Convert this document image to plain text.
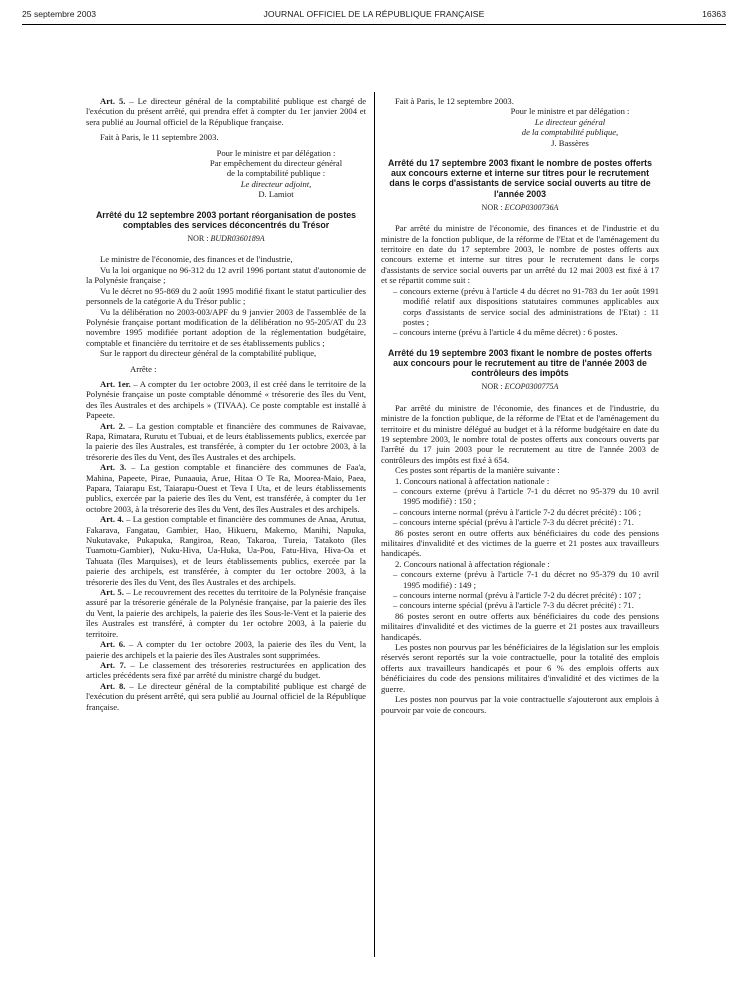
25 septembre 2003	JOURNAL OFFICIEL DE LA RÉPUBLIQUE FRANÇAISE	16363

Art. 5. – Le directeur général de la comptabilité publique est chargé de l'exécution du présent arrêté, qui prendra effet à compter du 1er janvier 2004 et sera publié au Journal officiel de la République française.

Fait à Paris, le 11 septembre 2003.

Pour le ministre et par délégation :
Par empêchement du directeur général
de la comptabilité publique :
Le directeur adjoint,
D. Lamiot
Arrêté du 12 septembre 2003 portant réorganisation de postes comptables des services déconcentrés du Trésor
NOR : BUDR0360189A

Le ministre de l'économie, des finances et de l'industrie,

Vu la loi organique no 96-312 du 12 avril 1996 portant statut d'autonomie de la Polynésie française ;

Vu le décret no 95-869 du 2 août 1995 modifié fixant le statut particulier des personnels de la catégorie A du Trésor public ;

Vu la délibération no 2003-003/APF du 9 janvier 2003 de l'assemblée de la Polynésie française portant modification de la délibération no 95-205/AT du 23 novembre 1995 modifiée portant adoption de la réglementation budgétaire, comptable et financière du territoire et de ses établissements publics ;

Sur le rapport du directeur général de la comptabilité publique,

Arrête :

Art. 1er. – A compter du 1er octobre 2003, il est créé dans le territoire de la Polynésie française un poste comptable dénommé « trésorerie des îles du Vent, des îles Australes et des archipels » (TIVAA). Ce poste comptable est installé à Papeete.

Art. 2. – La gestion comptable et financière des communes de Raivavae, Rapa, Rimatara, Rurutu et Tubuai, et de leurs établissements publics, exercée par la paierie des îles Australes, est transférée, à compter du 1er octobre 2003, à la trésorerie des îles du Vent, des îles Australes et des archipels.

Art. 3. – La gestion comptable et financière des communes de Faa'a, Mahina, Papeete, Pirae, Punaauia, Arue, Hitaa O Te Ra, Moorea-Maio, Paea, Papara, Taiarapu Est, Taiarapu-Ouest et Teva I Uta, et de leurs établissements publics, exercée par la paierie des îles du Vent, est transférée, à compter du 1er octobre 2003, à la trésorerie des îles du Vent, des îles Australes et des archipels.

Art. 4. – La gestion comptable et financière des communes de Anaa, Arutua, Fakarava, Fangatau, Gambier, Hao, Hikueru, Makemo, Manihi, Napuka, Nukutavake, Pukapuka, Rangiroa, Reao, Takaroa, Tureia, Tatakoto (îles Tuamotu-Gambier), Nuku-Hiva, Ua-Huka, Ua-Pou, Fatu-Hiva, Hiva-Oa et Tahuata (îles Marquises), et de leurs établissements publics, exercée par la paierie des archipels, est transférée, à compter du 1er octobre 2003, à la trésorerie des îles du Vent, des îles Australes et des archipels.

Art. 5. – Le recouvrement des recettes du territoire de la Polynésie française assuré par la trésorerie générale de la Polynésie française, par la paierie des îles du Vent, la paierie des archipels, la paierie des îles Sous-le-Vent et la paierie des îles Australes est transféré, à compter du 1er octobre 2003, à la paierie du territoire.

Art. 6. – A compter du 1er octobre 2003, la paierie des îles du Vent, la paierie des archipels et la paierie des îles Australes sont supprimées.

Art. 7. – Le classement des trésoreries restructurées en application des articles précédents sera fixé par arrêté du ministre chargé du budget.

Art. 8. – Le directeur général de la comptabilité publique est chargé de l'exécution du présent arrêté, qui sera publié au Journal officiel de la République française.

Fait à Paris, le 12 septembre 2003.

Pour le ministre et par délégation :
Le directeur général
de la comptabilité publique,
J. Bassères
Arrêté du 17 septembre 2003 fixant le nombre de postes offerts aux concours externe et interne sur titres pour le recrutement dans le corps d'assistants de service social ouverts au titre de l'année 2003
NOR : ECOP0300736A

Par arrêté du ministre de l'économie, des finances et de l'industrie et du ministre de la fonction publique, de la réforme de l'Etat et de l'aménagement du territoire en date du 17 septembre 2003, le nombre de postes offerts aux concours externe et interne sur titres pour le recrutement dans le corps d'assistants de service social ouverts par un arrêté du 12 mai 2003 est fixé à 17 et se répartit comme suit :

– concours externe (prévu à l'article 4 du décret no 91-783 du 1er août 1991 modifié relatif aux dispositions statutaires communes applicables aux corps d'assistants de service social des administrations de l'Etat) : 11 postes ;

– concours interne (prévu à l'article 4 du même décret) : 6 postes.

Arrêté du 19 septembre 2003 fixant le nombre de postes offerts aux concours pour le recrutement au titre de l'année 2003 de contrôleurs des impôts
NOR : ECOP0300775A

Par arrêté du ministre de l'économie, des finances et de l'industrie, du ministre de la fonction publique, de la réforme de l'Etat et de l'aménagement du territoire et du ministre délégué au budget et à la réforme budgétaire en date du 19 septembre 2003, le nombre total de postes offerts aux concours ouverts par l'arrêté du 17 juin 2003 pour le recrutement au titre de l'année 2003 de contrôleurs des impôts est fixé à 654.

Ces postes sont répartis de la manière suivante :

1. Concours national à affectation nationale :

– concours externe (prévu à l'article 7-1 du décret no 95-379 du 10 avril 1995 modifié) : 150 ;

– concours interne normal (prévu à l'article 7-2 du décret précité) : 106 ;

– concours interne spécial (prévu à l'article 7-3 du décret précité) : 71.

86 postes seront en outre offerts aux bénéficiaires du code des pensions militaires d'invalidité et des victimes de la guerre et 21 postes aux travailleurs handicapés.

2. Concours national à affectation régionale :

– concours externe (prévu à l'article 7-1 du décret no 95-379 du 10 avril 1995 modifié) : 149 ;

– concours interne normal (prévu à l'article 7-2 du décret précité) : 107 ;

– concours interne spécial (prévu à l'article 7-3 du décret précité) : 71.

86 postes seront en outre offerts aux bénéficiaires du code des pensions militaires d'invalidité et des victimes de la guerre et 21 postes aux travailleurs handicapés.

Les postes non pourvus par les bénéficiaires de la législation sur les emplois réservés seront reportés sur la voie contractuelle, pour la totalité des emplois offerts aux travailleurs handicapés et pour 6 % des emplois offerts aux bénéficiaires du code des pensions militaires d'invalidité et des victimes de la guerre.

Les postes non pourvus par la voie contractuelle s'ajouteront aux emplois à pourvoir par voie de concours.
